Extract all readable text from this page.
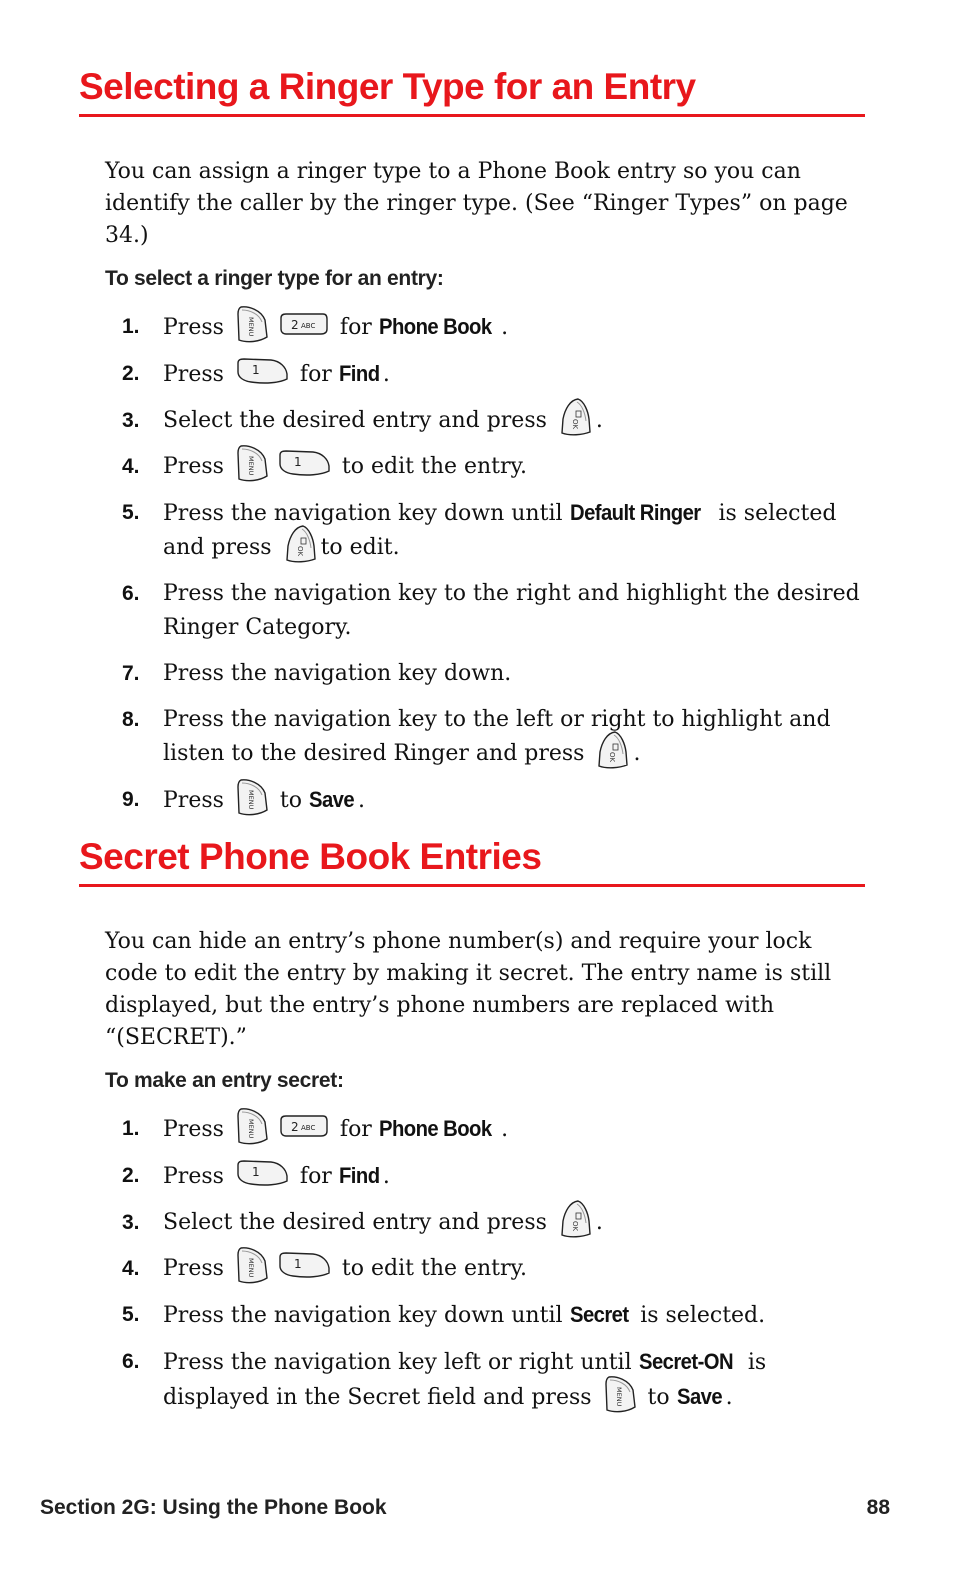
Selecting a Ringer Type for an Entry

You can assign a ringer type to a Phone Book entry so you can identify the caller by the ringer type. (See “Ringer Types” on page 34.)

To select a ringer type for an entry:

1. Press	MENU	2 ABC for Phone Book .
2. Press 1 for Find .
3. Select the desired entry and press	OK .
4. Press	MENU	1 to edit the entry.
5. Press the navigation key down until Default Ringer is selected and press	OK to edit.
6. Press the navigation key to the right and highlight the desired Ringer Category.
7. Press the navigation key down.
8. Press the navigation key to the left or right to highlight and listen to the desired Ringer and press	OK .
9. Press	MENU to Save .
Secret Phone Book Entries

You can hide an entry’s phone number(s) and require your lock code to edit the entry by making it secret. The entry name is still displayed, but the entry’s phone numbers are replaced with “(SECRET).”

To make an entry secret:

1. Press	MENU	2 ABC for Phone Book .
2. Press 1 for Find .
3. Select the desired entry and press	OK .
4. Press	MENU	1 to edit the entry.
5. Press the navigation key down until Secret is selected.
6. Press the navigation key left or right until Secret-ON is displayed in the Secret field and press	MENU to Save .
Section 2G: Using the Phone Book	88
